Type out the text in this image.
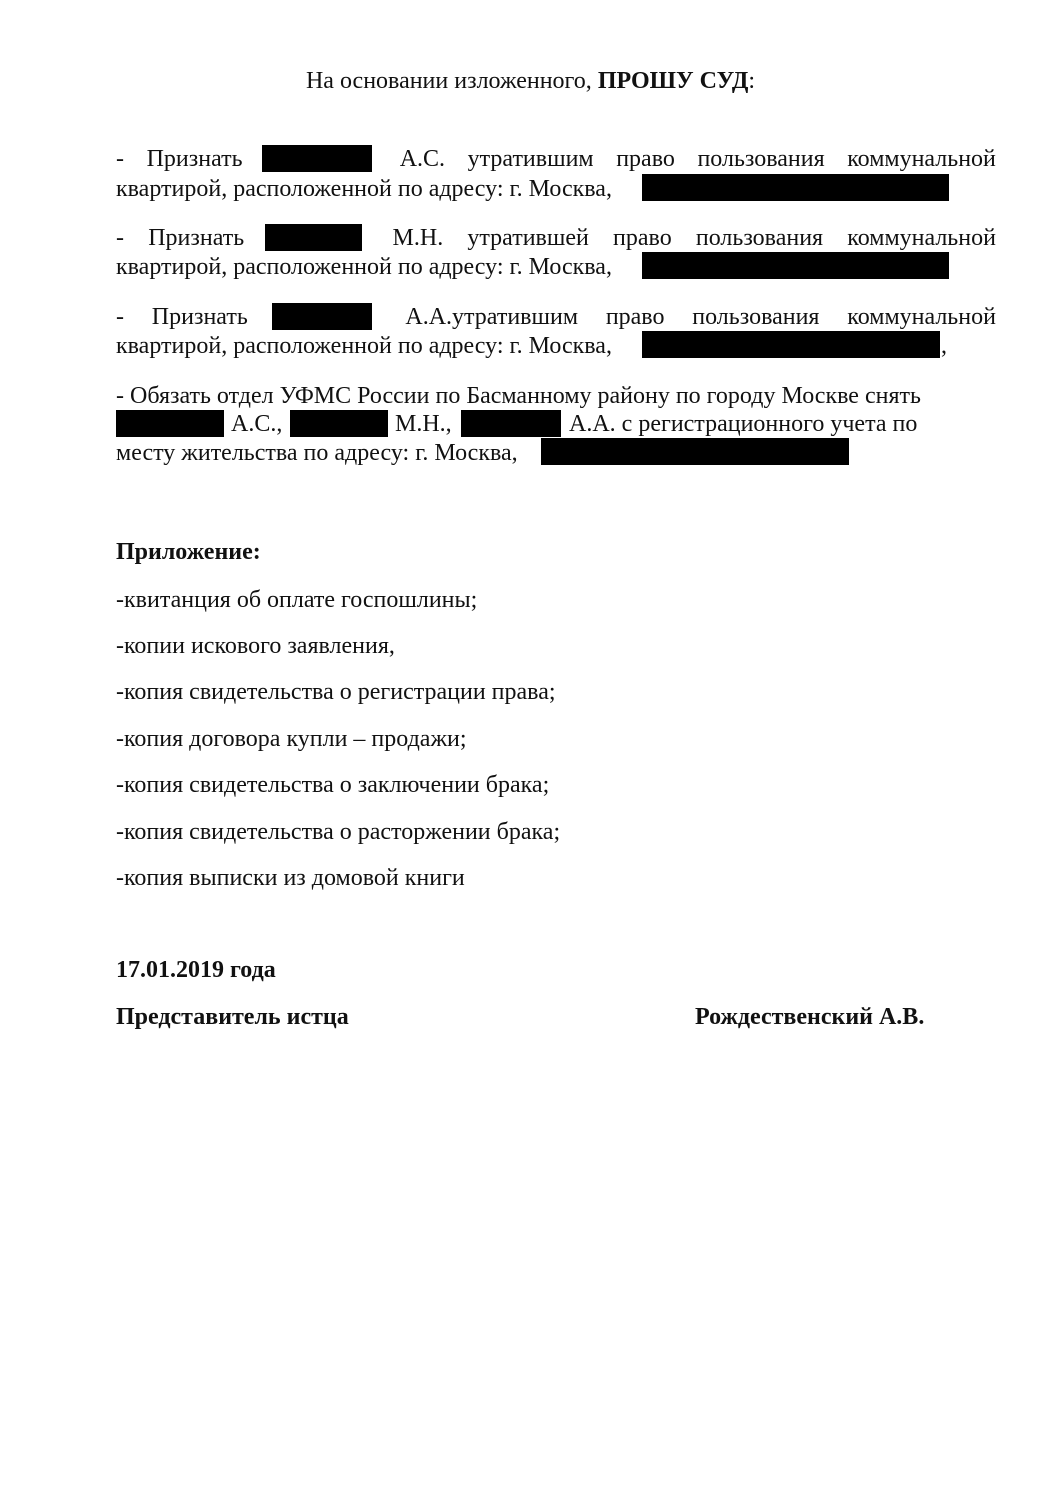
На основании изложенного, ПРОШУ СУД:
- Признать	А.С. утратившим право пользования коммунальной
квартирой, расположенной по адресу: г. Москва,
- Признать	М.Н. утратившей право пользования коммунальной
квартирой, расположенной по адресу: г. Москва,
- Признать	А.А.утратившим право пользования коммунальной
квартирой, расположенной по адресу: г. Москва,	,
- Обязать отдел УФМС России по Басманному району по городу Москве снять
А.С.,	М.Н.,	А.А. с регистрационного учета по
месту жительства по адресу: г. Москва,
Приложение:
-квитанция об оплате госпошлины;
-копии искового заявления,
-копия свидетельства о регистрации права;
-копия договора купли – продажи;
-копия свидетельства о заключении брака;
-копия свидетельства о расторжении брака;
-копия выписки из домовой книги
17.01.2019 года
Представитель истца	Рождественский А.В.
